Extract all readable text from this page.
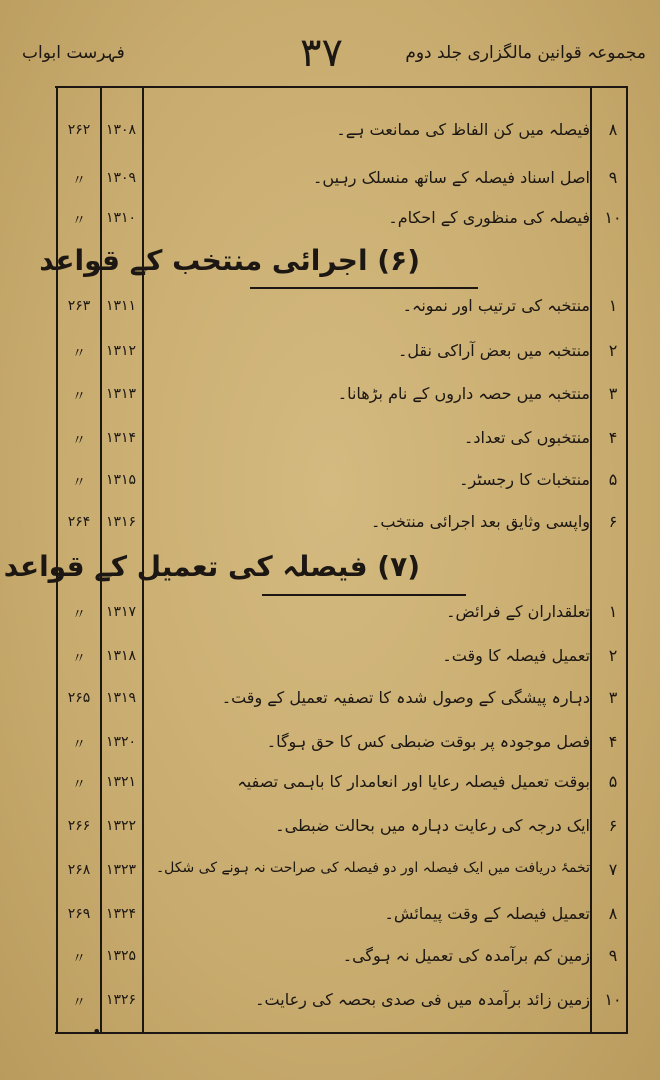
مجموعہ قوانین مالگزاری جلد دوم
۳۷
فہرست ابواب
۸
فیصلہ میں کن الفاظ کی ممانعت ہے۔
۱۳۰۸
۲۶۲
۹
اصل اسناد فیصلہ کے ساتھ منسلک رہیں۔
۱۳۰۹
〃
۱۰
فیصلہ کی منظوری کے احکام۔
۱۳۱۰
〃
(۶) اجرائی منتخب کے قواعد
۱
منتخبہ کی ترتیب اور نمونہ۔
۱۳۱۱
۲۶۳
۲
منتخبہ میں بعض آراکی نقل۔
۱۳۱۲
〃
۳
منتخبہ میں حصہ داروں کے نام بڑھانا۔
۱۳۱۳
〃
۴
منتخبوں کی تعداد۔
۱۳۱۴
〃
۵
منتخبات کا رجسٹر۔
۱۳۱۵
〃
۶
واپسی وثایق بعد اجرائی منتخب۔
۱۳۱۶
۲۶۴
(۷) فیصلہ کی تعمیل کے قواعد
۱
تعلقداران کے فرائض۔
۱۳۱۷
〃
۲
تعمیل فیصلہ کا وقت۔
۱۳۱۸
〃
۳
دہارہ پیشگی کے وصول شدہ کا تصفیہ تعمیل کے وقت۔
۱۳۱۹
۲۶۵
۴
فصل موجودہ پر بوقت ضبطی کس کا حق ہوگا۔
۱۳۲۰
〃
۵
بوقت تعمیل فیصلہ رعایا اور انعامدار کا باہمی تصفیہ
۱۳۲۱
〃
۶
ایک درجہ کی رعایت دہارہ میں بحالت ضبطی۔
۱۳۲۲
۲۶۶
۷
تخمۂ دریافت میں ایک فیصلہ اور دو فیصلہ کی صراحت نہ ہونے کی شکل۔
۱۳۲۳
۲۶۸
۸
تعمیل فیصلہ کے وقت پیمائش۔
۱۳۲۴
۲۶۹
۹
زمین کم برآمدہ کی تعمیل نہ ہوگی۔
۱۳۲۵
〃
۱۰
زمین زائد برآمدہ میں فی صدی بحصہ کی رعایت۔
۱۳۲۶
〃
•
